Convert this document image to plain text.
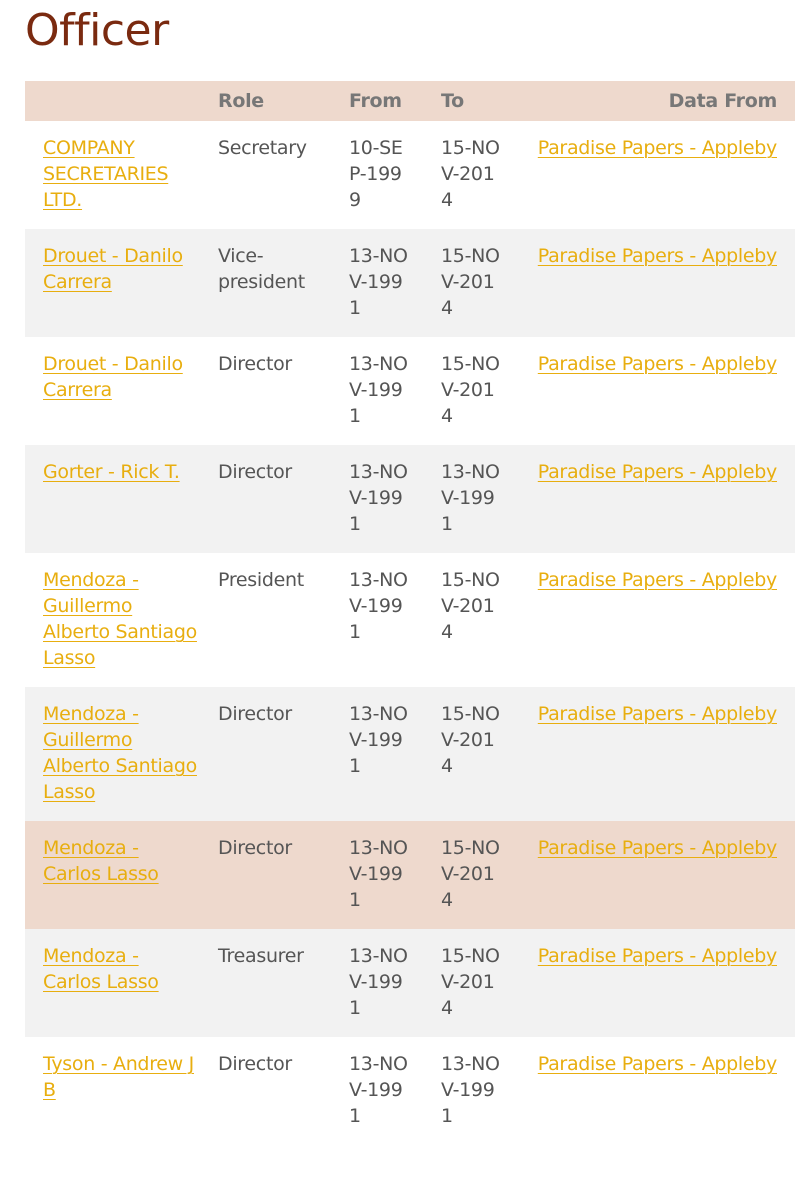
Officer
	Role	From	To	Data From

COMPANY SECRETARIES LTD.	Secretary	10-SEP-1999	15-NOV-2014	Paradise Papers - Appleby

Drouet - Danilo Carrera	Vice-president	13-NOV-1991	15-NOV-2014	Paradise Papers - Appleby

Drouet - Danilo Carrera	Director	13-NOV-1991	15-NOV-2014	Paradise Papers - Appleby

Gorter - Rick T.	Director	13-NOV-1991	13-NOV-1991	Paradise Papers - Appleby

Mendoza - Guillermo Alberto Santiago Lasso	President	13-NOV-1991	15-NOV-2014	Paradise Papers - Appleby

Mendoza - Guillermo Alberto Santiago Lasso	Director	13-NOV-1991	15-NOV-2014	Paradise Papers - Appleby

Mendoza - Carlos Lasso	Director	13-NOV-1991	15-NOV-2014	Paradise Papers - Appleby

Mendoza - Carlos Lasso	Treasurer	13-NOV-1991	15-NOV-2014	Paradise Papers - Appleby

Tyson - Andrew J B	Director	13-NOV-1991	13-NOV-1991	Paradise Papers - Appleby
